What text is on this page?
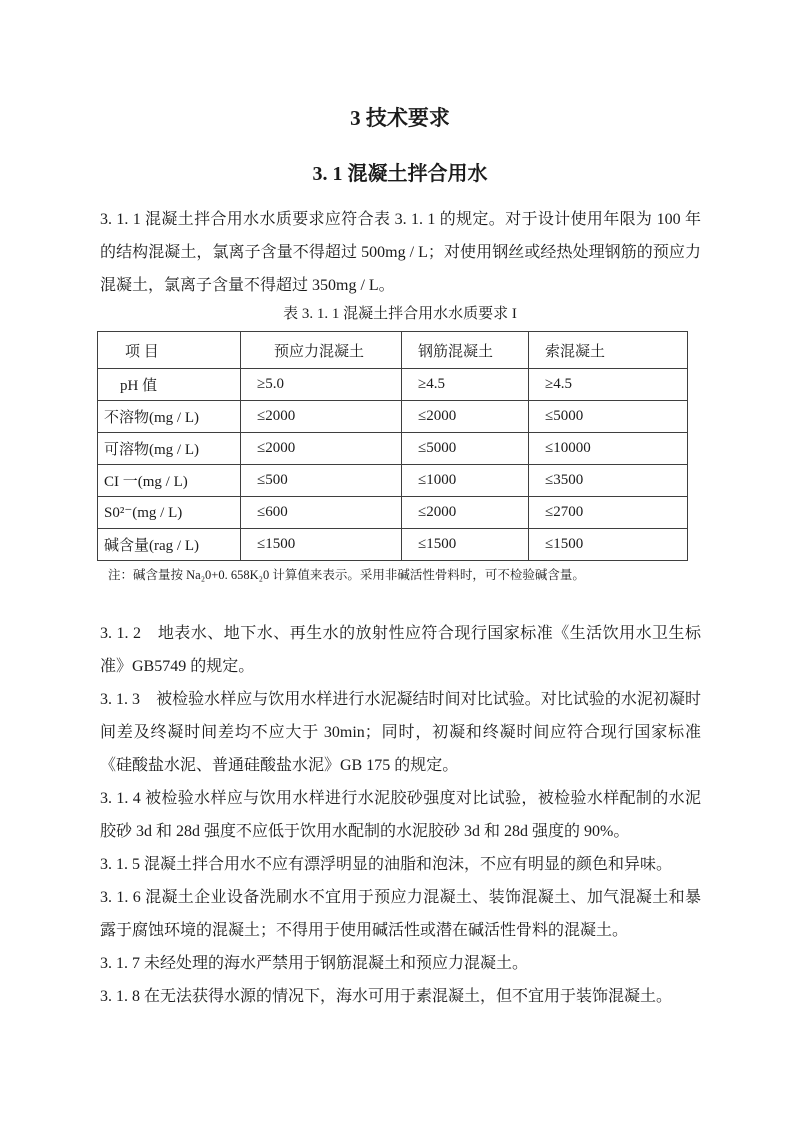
3 技术要求
3. 1 混凝土拌合用水

3. 1. 1 混凝土拌合用水水质要求应符合表 3. 1. 1 的规定。对于设计使用年限为 100 年的结构混凝土，氯离子含量不得超过 500mg / L；对使用钢丝或经热处理钢筋的预应力混凝土，氯离子含量不得超过 350mg / L。

表 3. 1. 1 混凝土拌合用水水质要求 I

项 目	预应力混凝土	钢筋混凝土	索混凝土
pH 值	≥5.0	≥4.5	≥4.5
不溶物(mg / L)	≤2000	≤2000	≤5000
可溶物(mg / L)	≤2000	≤5000	≤10000
CI 一(mg / L)	≤500	≤1000	≤3500
S0²⁻(mg / L)	≤600	≤2000	≤2700
碱含量(rag / L)	≤1500	≤1500	≤1500

注：碱含量按 Na₂0+0. 658K₂0 计算值来表示。采用非碱活性骨料时，可不检验碱含量。

3. 1. 2　地表水、地下水、再生水的放射性应符合现行国家标准《生活饮用水卫生标准》GB5749 的规定。

3. 1. 3　被检验水样应与饮用水样进行水泥凝结时间对比试验。对比试验的水泥初凝时间差及终凝时间差均不应大于 30min；同时，初凝和终凝时间应符合现行国家标准《硅酸盐水泥、普通硅酸盐水泥》GB 175 的规定。

3. 1. 4 被检验水样应与饮用水样进行水泥胶砂强度对比试验，被检验水样配制的水泥胶砂 3d 和 28d 强度不应低于饮用水配制的水泥胶砂 3d 和 28d 强度的 90%。

3. 1. 5 混凝土拌合用水不应有漂浮明显的油脂和泡沫，不应有明显的颜色和异味。

3. 1. 6 混凝土企业设备洗刷水不宜用于预应力混凝土、装饰混凝土、加气混凝土和暴露于腐蚀环境的混凝土；不得用于使用碱活性或潜在碱活性骨料的混凝土。

3. 1. 7 未经处理的海水严禁用于钢筋混凝土和预应力混凝土。

3. 1. 8 在无法获得水源的情况下，海水可用于素混凝土，但不宜用于装饰混凝土。
